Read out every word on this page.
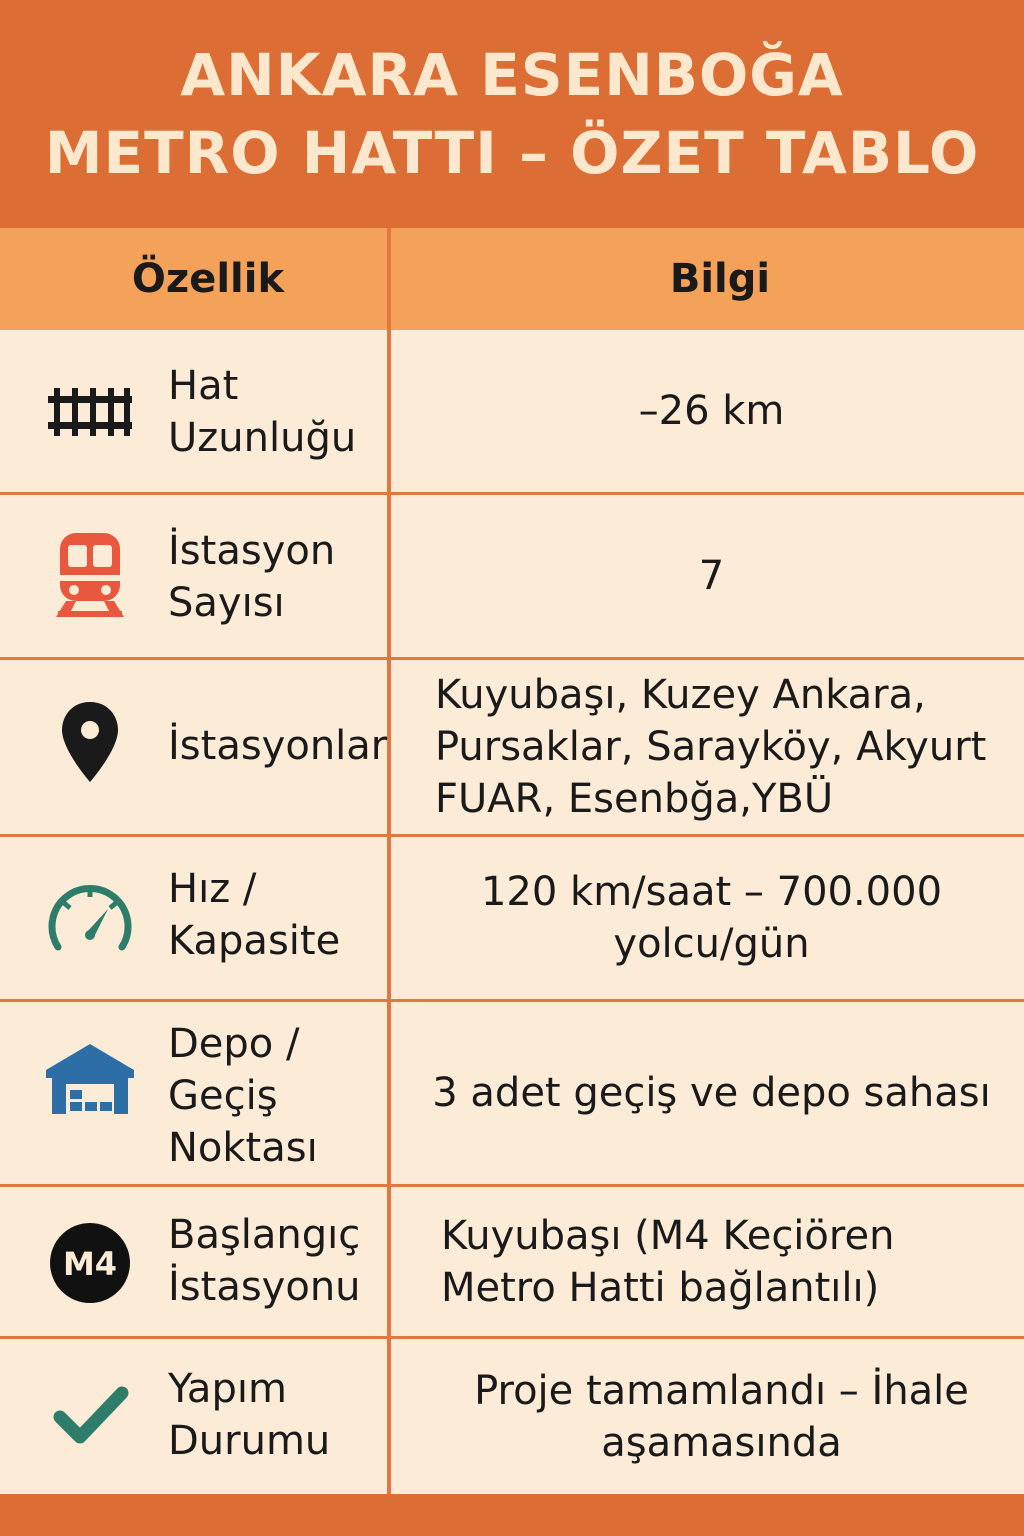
ANKARA ESENBOĞA
METRO HATTI – ÖZET TABLO
Özellik	Bilgi
Hat Uzunluğu
–26 km
İstasyon Sayısı
7
İstasyonlar
Kuyubaşı, Kuzey Ankara, Pursaklar, Sarayköy, Akyurt FUAR, Esenbğa,YBÜ
Hız / Kapasite
120 km/saat – 700.000 yolcu/gün
Depo / Geçiş Noktası
3 adet geçiş ve depo sahası
M4
Başlangıç İstasyonu
Kuyubaşı (M4 Keçiören Metro Hatti bağlantılı)
Yapım Durumu
Proje tamamlandı – İhale aşamasında
